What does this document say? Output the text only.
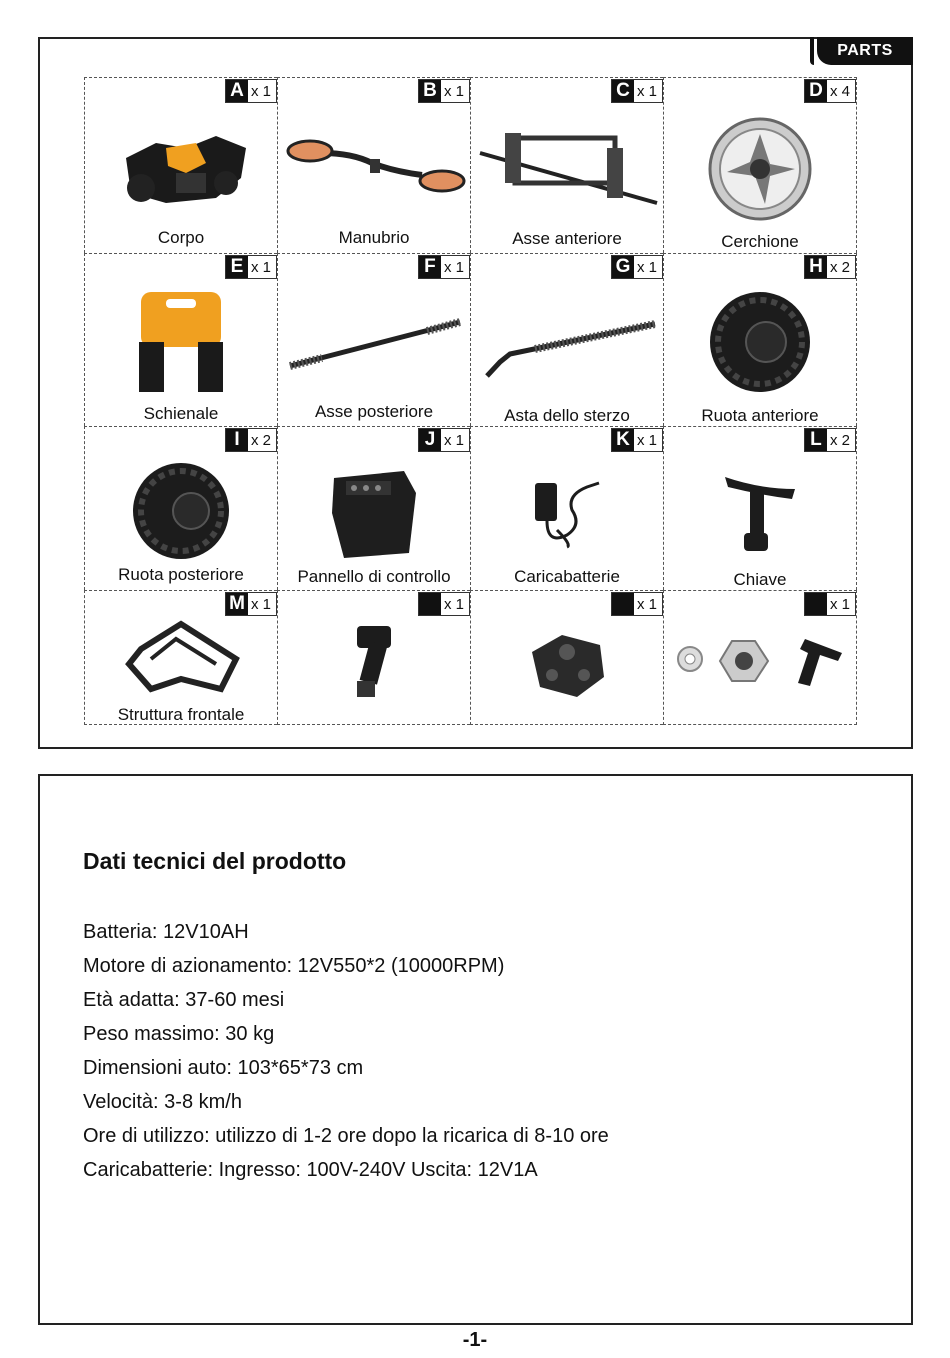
PARTS
A x 1
Corpo
B x 1
Manubrio
C x 1
Asse anteriore
D x 4
Cerchione
E x 1
Schienale
F x 1
Asse posteriore
G x 1
Asta dello sterzo
H x 2
Ruota anteriore
I x 2
Ruota posteriore
J x 1
Pannello di controllo
K x 1
Caricabatterie
L x 2
Chiave
M x 1
Struttura frontale
x 1	x 1	x 1
Dati tecnici del prodotto
Batteria: 12V10AH
Motore di azionamento: 12V550*2 (10000RPM)
Età adatta: 37-60 mesi
Peso massimo: 30 kg
Dimensioni auto: 103*65*73 cm
Velocità: 3-8 km/h
Ore di utilizzo: utilizzo di 1-2 ore dopo la ricarica di 8-10 ore
Caricabatterie: Ingresso: 100V-240V Uscita: 12V1A
-1-
